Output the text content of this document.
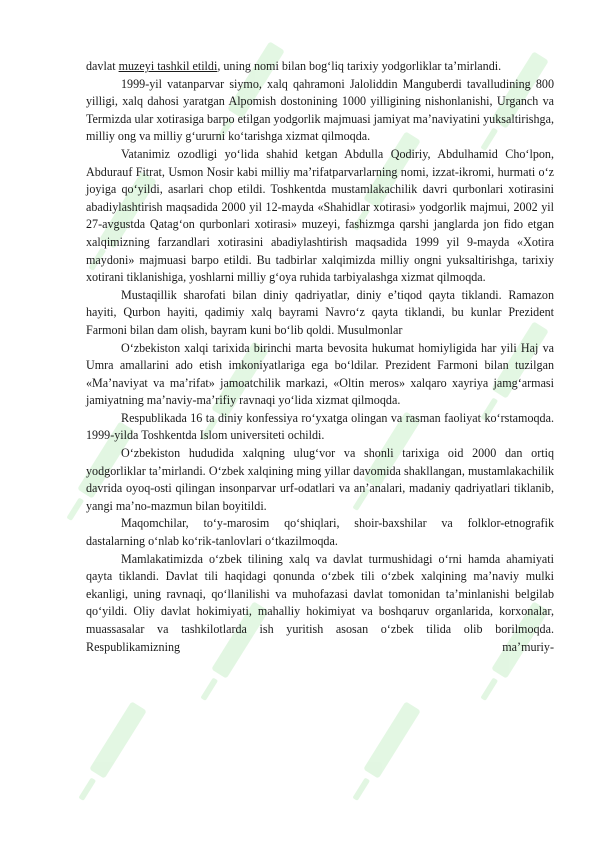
davlat muzeyi tashkil etildi, uning nomi bilan bog‘liq tarixiy yodgorliklar ta’mirlandi.

1999-yil vatanparvar siymo, xalq qahramoni Jaloliddin Manguberdi tavalludining 800 yilligi, xalq dahosi yaratgan Alpomish dostonining 1000 yilligining nishonlanishi, Urganch va Termizda ular xotirasiga barpo etilgan yodgorlik majmuasi jamiyat ma’naviyatini yuksaltirishga, milliy ong va milliy g‘ururni ko‘tarishga xizmat qilmoqda.

Vatanimiz ozodligi yo‘lida shahid ketgan Abdulla Qodiriy, Abdulhamid Cho‘lpon, Abdurauf Fitrat, Usmon Nosir kabi milliy ma’rifatparvarlarning nomi, izzat-ikromi, hurmati o‘z joyiga qo‘yildi, asarlari chop etildi. Toshkentda mustamlakachilik davri qurbonlari xotirasini abadiylashtirish maqsadida 2000 yil 12-mayda «Shahidlar xotirasi» yodgorlik majmui, 2002 yil 27-avgustda Qatag‘on qurbonlari xotirasi» muzeyi, fashizmga qarshi janglarda jon fido etgan xalqimizning farzandlari xotirasini abadiylashtirish maqsadida 1999 yil 9-mayda «Xotira maydoni» majmuasi barpo etildi. Bu tadbirlar xalqimizda milliy ongni yuksaltirishga, tarixiy xotirani tiklanishiga, yoshlarni milliy g‘oya ruhida tarbiyalashga xizmat qilmoqda.

Mustaqillik sharofati bilan diniy qadriyatlar, diniy e’tiqod qayta tiklandi. Ramazon hayiti, Qurbon hayiti, qadimiy xalq bayrami Navro‘z qayta tiklandi, bu kunlar Prezident Farmoni bilan dam olish, bayram kuni bo‘lib qoldi. Musulmonlar

O‘zbekiston xalqi tarixida birinchi marta bevosita hukumat homiyligida har yili Haj va Umra amallarini ado etish imkoniyatlariga ega bo‘ldilar. Prezident Farmoni bilan tuzilgan «Ma’naviyat va ma’rifat» jamoatchilik markazi, «Oltin meros» xalqaro xayriya jamg‘armasi jamiyatning ma’naviy-ma’rifiy ravnaqi yo‘lida xizmat qilmoqda.

Respublikada 16 ta diniy konfessiya ro‘yxatga olingan va rasman faoliyat ko‘rstamoqda. 1999-yilda Toshkentda Islom universiteti ochildi.

O‘zbekiston hududida xalqning ulug‘vor va shonli tarixiga oid 2000 dan ortiq yodgorliklar ta’mirlandi. O‘zbek xalqining ming yillar davomida shakllangan, mustamlakachilik davrida oyoq-osti qilingan insonparvar urf-odatlari va an’analari, madaniy qadriyatlari tiklanib, yangi ma’no-mazmun bilan boyitildi.

Maqomchilar, to‘y-marosim qo‘shiqlari, shoir-baxshilar va folklor-etnografik dastalarning o‘nlab ko‘rik-tanlovlari o‘tkazilmoqda.

Mamlakatimizda o‘zbek tilining xalq va davlat turmushidagi o‘rni hamda ahamiyati qayta tiklandi. Davlat tili haqidagi qonunda o‘zbek tili o‘zbek xalqining ma’naviy mulki ekanligi, uning ravnaqi, qo‘llanilishi va muhofazasi davlat tomonidan ta’minlanishi belgilab qo‘yildi. Oliy davlat hokimiyati, mahalliy hokimiyat va boshqaruv organlarida, korxonalar, muassasalar va tashkilotlarda ish yuritish asosan o‘zbek tilida olib borilmoqda. Respublikamizning ma’muriy-
